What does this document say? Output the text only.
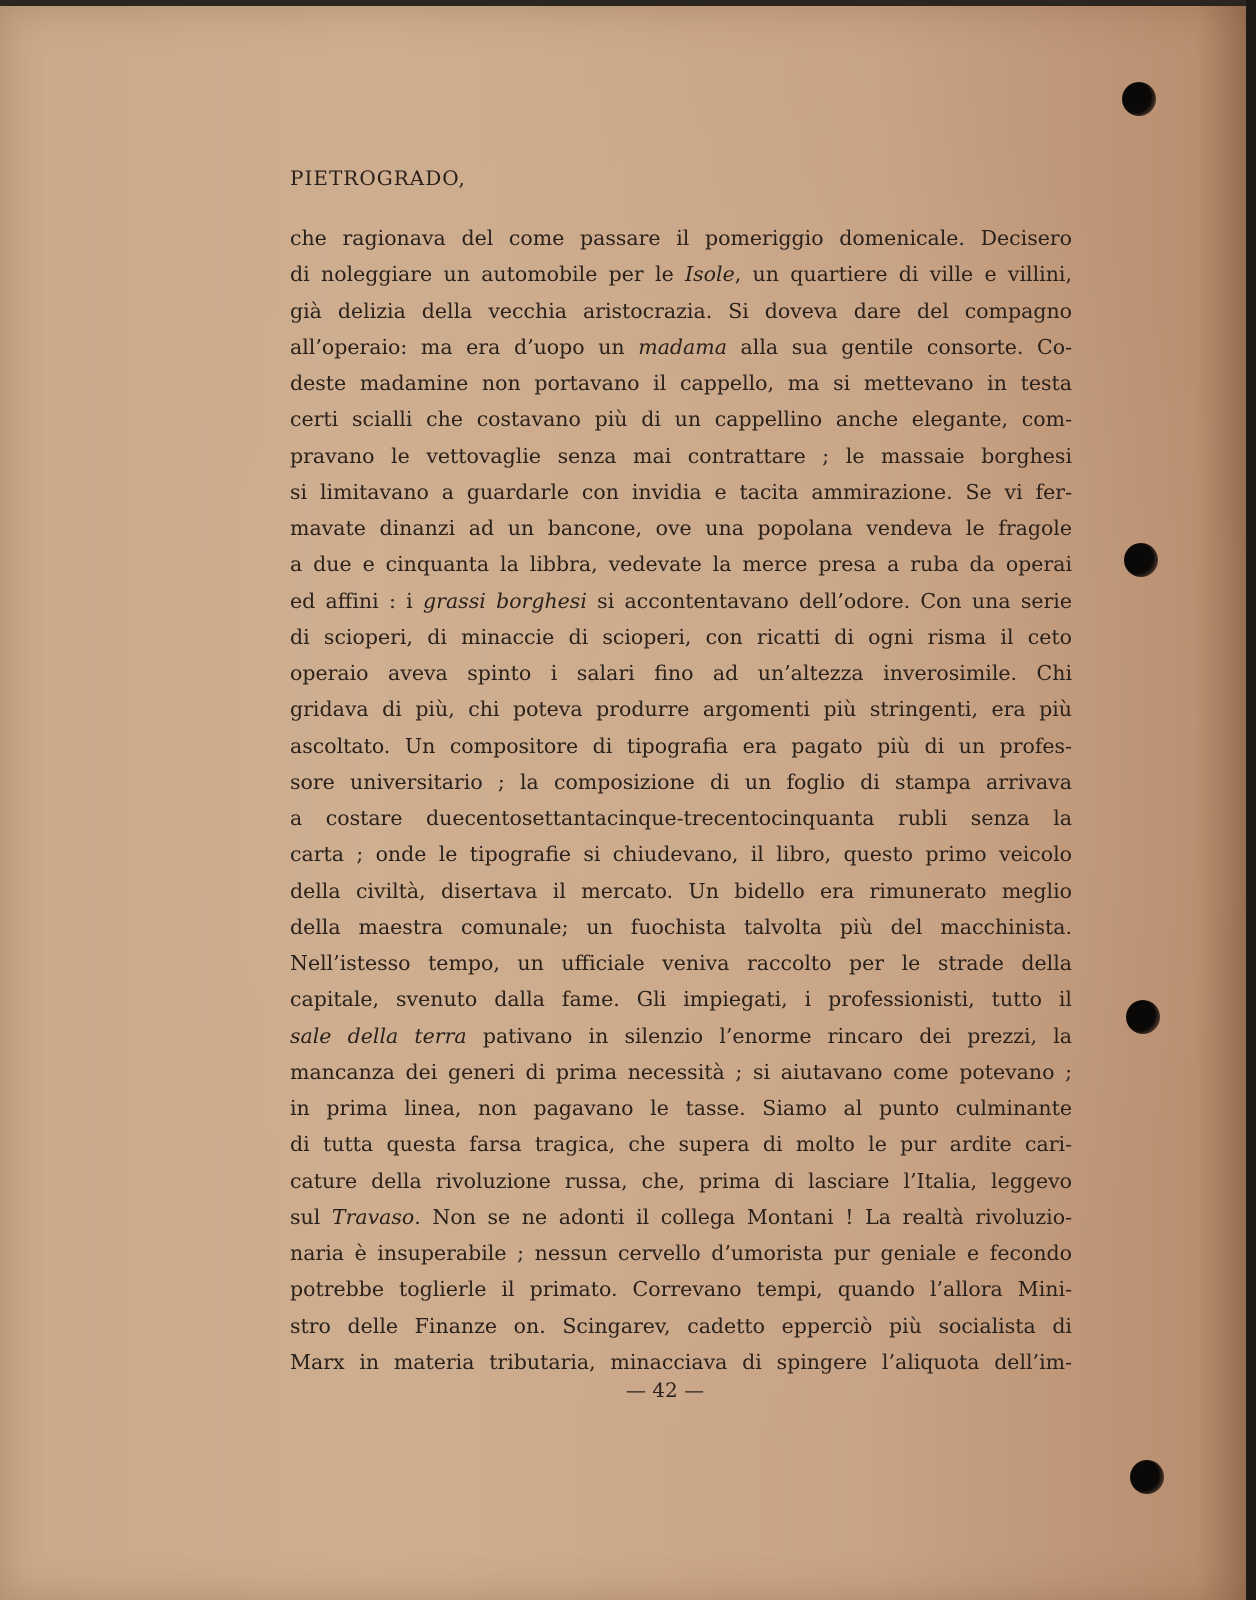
PIETROGRADO,
che ragionava del come passare il pomeriggio domenicale. Decisero
di noleggiare un automobile per le Isole, un quartiere di ville e villini,
già delizia della vecchia aristocrazia. Si doveva dare del compagno
all’operaio: ma era d’uopo un madama alla sua gentile consorte. Co-
deste madamine non portavano il cappello, ma si mettevano in testa
certi scialli che costavano più di un cappellino anche elegante, com-
pravano le vettovaglie senza mai contrattare ; le massaie borghesi
si limitavano a guardarle con invidia e tacita ammirazione. Se vi fer-
mavate dinanzi ad un bancone, ove una popolana vendeva le fragole
a due e cinquanta la libbra, vedevate la merce presa a ruba da operai
ed affini : i grassi borghesi si accontentavano dell’odore. Con una serie
di scioperi, di minaccie di scioperi, con ricatti di ogni risma il ceto
operaio aveva spinto i salari fino ad un’altezza inverosimile. Chi
gridava di più, chi poteva produrre argomenti più stringenti, era più
ascoltato. Un compositore di tipografia era pagato più di un profes-
sore universitario ; la composizione di un foglio di stampa arrivava
a costare duecentosettantacinque-trecentocinquanta rubli senza la
carta ; onde le tipografie si chiudevano, il libro, questo primo veicolo
della civiltà, disertava il mercato. Un bidello era rimunerato meglio
della maestra comunale; un fuochista talvolta più del macchinista.
Nell’istesso tempo, un ufficiale veniva raccolto per le strade della
capitale, svenuto dalla fame. Gli impiegati, i professionisti, tutto il
sale della terra pativano in silenzio l’enorme rincaro dei prezzi, la
mancanza dei generi di prima necessità ; si aiutavano come potevano ;
in prima linea, non pagavano le tasse. Siamo al punto culminante
di tutta questa farsa tragica, che supera di molto le pur ardite cari-
cature della rivoluzione russa, che, prima di lasciare l’Italia, leggevo
sul Travaso. Non se ne adonti il collega Montani ! La realtà rivoluzio-
naria è insuperabile ; nessun cervello d’umorista pur geniale e fecondo
potrebbe toglierle il primato. Correvano tempi, quando l’allora Mini-
stro delle Finanze on. Scingarev, cadetto epperciò più socialista di
Marx in materia tributaria, minacciava di spingere l’aliquota dell’im-
— 42 —
